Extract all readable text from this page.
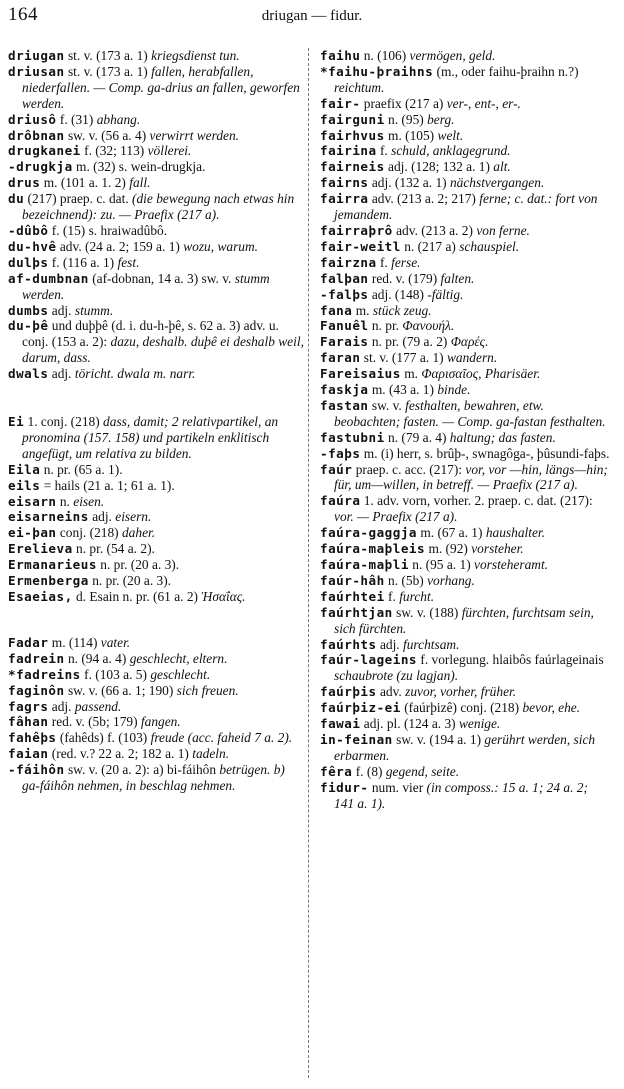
164	driugan — fidur.

driugan st. v. (173 a. 1) kriegsdienst tun.

driusan st. v. (173 a. 1) fallen, herabfallen, niederfallen. — Comp. ga-drius an fallen, geworfen werden.

driusô f. (31) abhang.

drôbnan sw. v. (56 a. 4) verwirrt werden.

drugkanei f. (32; 113) völlerei.

-drugkja m. (32) s. wein-drugkja.

drus m. (101 a. 1. 2) fall.

du (217) praep. c. dat. (die bewegung nach etwas hin bezeichnend): zu. — Praefix (217 a).

-dûbô f. (15) s. hraiwadûbô.

du-hvê adv. (24 a. 2; 159 a. 1) wozu, warum.

dulþs f. (116 a. 1) fest.

af-dumbnan (af-dobnan, 14 a. 3) sw. v. stumm werden.

dumbs adj. stumm.

du-þê und duþþê (d. i. du-h-þê, s. 62 a. 3) adv. u. conj. (153 a. 2): dazu, deshalb. duþê ei deshalb weil, darum, dass.

dwals adj. töricht. dwala m. narr.

Ei 1. conj. (218) dass, damit; 2 relativpartikel, an pronomina (157. 158) und partikeln enklitisch angefügt, um relativa zu bilden.

Eila n. pr. (65 a. 1).

eils = hails (21 a. 1; 61 a. 1).

eisarn n. eisen.

eisarneins adj. eisern.

ei-þan conj. (218) daher.

Erelieva n. pr. (54 a. 2).

Ermanarieus n. pr. (20 a. 3).

Ermenberga n. pr. (20 a. 3).

Esaeias, d. Esain n. pr. (61 a. 2) Ἡσαΐας.

Fadar m. (114) vater.

fadrein n. (94 a. 4) geschlecht, eltern.

*fadreins f. (103 a. 5) geschlecht.

faginôn sw. v. (66 a. 1; 190) sich freuen.

fagrs adj. passend.

fâhan red. v. (5b; 179) fangen.

fahêþs (fahêds) f. (103) freude (acc. faheid 7 a. 2).

faian (red. v.? 22 a. 2; 182 a. 1) tadeln.

-fáihôn sw. v. (20 a. 2): a) bi-fáihôn betrügen. b) ga-fáihôn nehmen, in beschlag nehmen.

faihu n. (106) vermögen, geld.

*faihu-þraihns (m., oder faihu-þraihn n.?) reichtum.

fair- praefix (217 a) ver-, ent-, er-.

fairguni n. (95) berg.

fairhvus m. (105) welt.

fairina f. schuld, anklagegrund.

fairneis adj. (128; 132 a. 1) alt.

fairns adj. (132 a. 1) nächstvergangen.

fairra adv. (213 a. 2; 217) ferne; c. dat.: fort von jemandem.

fairraþrô adv. (213 a. 2) von ferne.

fair-weitl n. (217 a) schauspiel.

fairzna f. ferse.

falþan red. v. (179) falten.

-falþs adj. (148) -fältig.

fana m. stück zeug.

Fanuêl n. pr. Φανουήλ.

Farais n. pr. (79 a. 2) Φαρές.

faran st. v. (177 a. 1) wandern.

Fareisaius m. Φαρισαῖος, Pharisäer.

faskja m. (43 a. 1) binde.

fastan sw. v. festhalten, bewahren, etw. beobachten; fasten. — Comp. ga-fastan festhalten.

fastubni n. (79 a. 4) haltung; das fasten.

-faþs m. (i) herr, s. brûþ-, swnagôga-, þûsundi-faþs.

faúr praep. c. acc. (217): vor, vor —hin, längs—hin; für, um—willen, in betreff. — Praefix (217 a).

faúra 1. adv. vorn, vorher. 2. praep. c. dat. (217): vor. — Praefix (217 a).

faúra-gaggja m. (67 a. 1) haushalter.

faúra-maþleis m. (92) vorsteher.

faúra-maþli n. (95 a. 1) vorsteheramt.

faúr-hâh n. (5b) vorhang.

faúrhtei f. furcht.

faúrhtjan sw. v. (188) fürchten, furchtsam sein, sich fürchten.

faúrhts adj. furchtsam.

faúr-lageins f. vorlegung. hlaibôs faúrlageinais schaubrote (zu lagjan).

faúrþis adv. zuvor, vorher, früher.

faúrþiz-ei (faúrþizê) conj. (218) bevor, ehe.

fawai adj. pl. (124 a. 3) wenige.

in-feinan sw. v. (194 a. 1) gerührt werden, sich erbarmen.

fêra f. (8) gegend, seite.

fidur- num. vier (in composs.: 15 a. 1; 24 a. 2; 141 a. 1).
